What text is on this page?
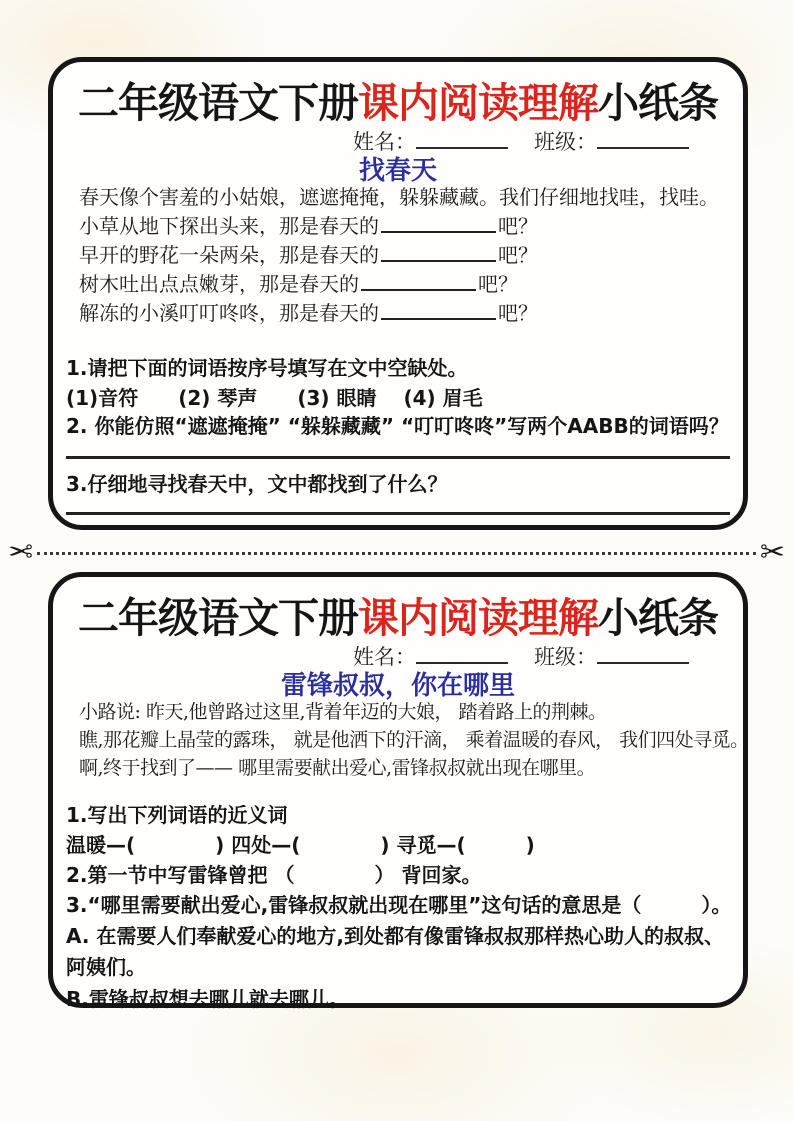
二年级语文下册课内阅读理解小纸条
姓名：	班级：
找春天
春天像个害羞的小姑娘，遮遮掩掩，躲躲藏藏。我们仔细地找哇，找哇。
小草从地下探出头来，那是春天的	吧？
早开的野花一朵两朵，那是春天的	吧？
树木吐出点点嫩芽，那是春天的	吧？
解冻的小溪叮叮咚咚，那是春天的	吧？
1.请把下面的词语按序号填写在文中空缺处。
(1)音符　　(2) 琴声　　(3) 眼睛　 (4) 眉毛
2. 你能仿照“遮遮掩掩” “躲躲藏藏” “叮叮咚咚”写两个AABB的词语吗？
3.仔细地寻找春天中，文中都找到了什么？
✂	✂
二年级语文下册课内阅读理解小纸条
姓名：	班级：
雷锋叔叔，你在哪里
小路说: 昨天,他曾路过这里,背着年迈的大娘， 踏着路上的荆棘。
瞧,那花瓣上晶莹的露珠， 就是他洒下的汗滴， 乘着温暖的春风， 我们四处寻觅。
啊,终于找到了—— 哪里需要献出爱心,雷锋叔叔就出现在哪里。
1.写出下列词语的近义词
温暖—(　　　　) 四处—(　　　　) 寻觅—(　　　)
2.第一节中写雷锋曾把 （　　　　） 背回家。
3.“哪里需要献出爱心,雷锋叔叔就出现在哪里”这句话的意思是（　　　）。
A. 在需要人们奉献爱心的地方,到处都有像雷锋叔叔那样热心助人的叔叔、 阿姨们。
B.雷锋叔叔想去哪儿就去哪儿。
